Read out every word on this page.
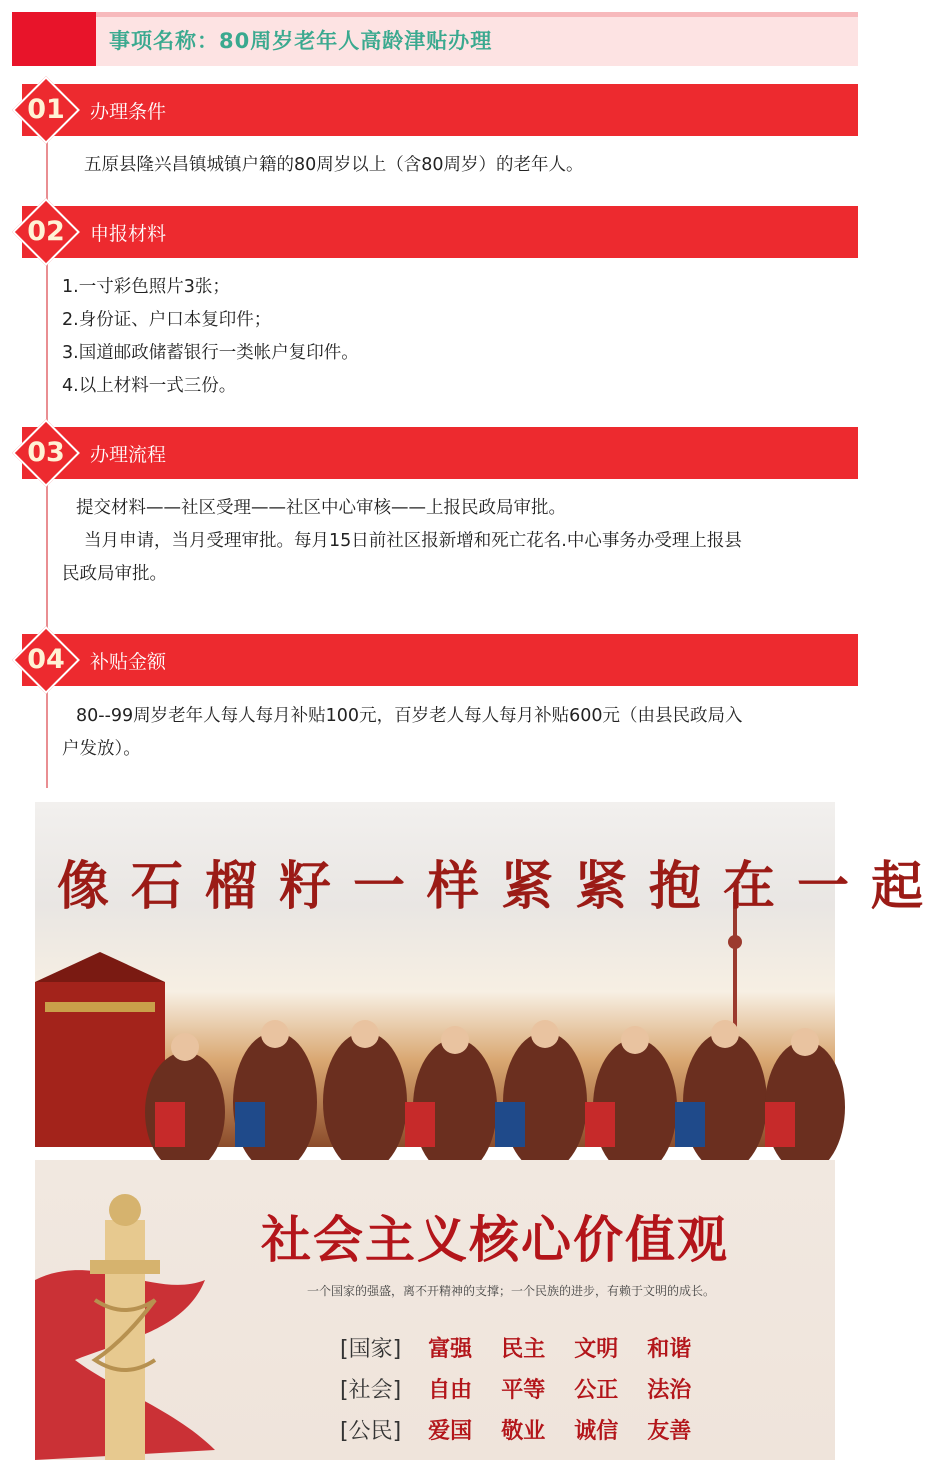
事项名称：80周岁老年人高龄津贴办理
办理条件
01

五原县隆兴昌镇城镇户籍的80周岁以上（含80周岁）的老年人。

申报材料
02

1.一寸彩色照片3张；

2.身份证、户口本复印件；

3.国道邮政储蓄银行一类帐户复印件。

4.以上材料一式三份。

办理流程
03

提交材料——社区受理——社区中心审核——上报民政局审批。

当月申请，当月受理审批。每月15日前社区报新增和死亡花名.中心事务办受理上报县

民政局审批。

补贴金额
04

80--99周岁老年人每人每月补贴100元，百岁老人每人每月补贴600元（由县民政局入

户发放）。

像石榴籽一样紧紧抱在一起
社会主义核心价值观
一个国家的强盛，离不开精神的支撑；一个民族的进步，有赖于文明的成长。
[国家] 富强 民主 文明 和谐
[社会] 自由 平等 公正 法治
[公民] 爱国 敬业 诚信 友善
